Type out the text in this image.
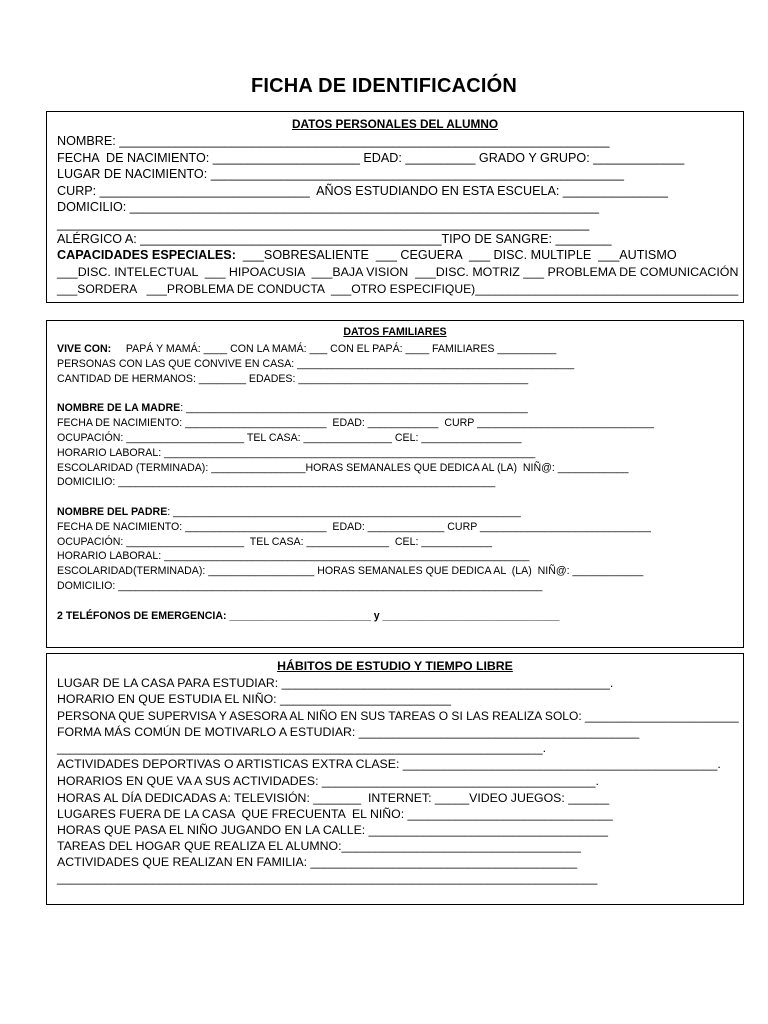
FICHA DE IDENTIFICACIÓN
DATOS PERSONALES DEL ALUMNO
NOMBRE: ______________________________________________________________________
FECHA  DE NACIMIENTO: _____________________ EDAD: __________ GRADO Y GRUPO: _____________
LUGAR DE NACIMIENTO: ___________________________________________________________
CURP: ______________________________  AÑOS ESTUDIANDO EN ESTA ESCUELA: _______________
DOMICILIO: ___________________________________________________________________
____________________________________________________________________________
ALÉRGICO A: ___________________________________________TIPO DE SANGRE: ________
CAPACIDADES ESPECIALES:  ___SOBRESALIENTE  ___ CEGUERA  ___ DISC. MULTIPLE  ___AUTISMO
___DISC. INTELECTUAL  ___ HIPOACUSIA  ___BAJA VISION  ___DISC. MOTRIZ ___ PROBLEMA DE COMUNICACIÓN
___SORDERA   ___PROBLEMA DE CONDUCTA  ___OTRO ESPECIFIQUE)_______________________________________
DATOS FAMILIARES
VIVE CON:     PAPÁ Y MAMÁ: ____ CON LA MAMÁ: ___ CON EL PAPÁ: ____ FAMILIARES __________
PERSONAS CON LAS QUE CONVIVE EN CASA: _______________________________________________
CANTIDAD DE HERMANOS: ________ EDADES: _______________________________________
NOMBRE DE LA MADRE: __________________________________________________________
FECHA DE NACIMIENTO: ________________________  EDAD: ____________  CURP ______________________________
OCUPACIÓN: ____________________ TEL CASA: _______________ CEL: _________________
HORARIO LABORAL: _______________________________________________________________
ESCOLARIDAD (TERMINADA): ________________HORAS SEMANALES QUE DEDICA AL (LA)  NIÑ@: ____________
DOMICILIO: ________________________________________________________________
NOMBRE DEL PADRE: ___________________________________________________________
FECHA DE NACIMIENTO: ________________________  EDAD: _____________ CURP _____________________________
OCUPACIÓN: ____________________  TEL CASA: ______________  CEL: ____________
HORARIO LABORAL: ______________________________________________________________
ESCOLARIDAD(TERMINADA): __________________ HORAS SEMANALES QUE DEDICA AL  (LA)  NIÑ@: ____________
DOMICILIO: ________________________________________________________________________
2 TELÉFONOS DE EMERGENCIA: ________________________ y ______________________________
HÁBITOS DE ESTUDIO Y TIEMPO LIBRE
LUGAR DE LA CASA PARA ESTUDIAR: ________________________________________________.
HORARIO EN QUE ESTUDIA EL NIÑO: _________________________
PERSONA QUE SUPERVISA Y ASESORA AL NIÑO EN SUS TAREAS O SI LAS REALIZA SOLO: _______________________
FORMA MÁS COMÚN DE MOTIVARLO A ESTUDIAR: _________________________________________
_______________________________________________________________________.
ACTIVIDADES DEPORTIVAS O ARTISTICAS EXTRA CLASE: ______________________________________________.
HORARIOS EN QUE VA A SUS ACTIVIDADES: ________________________________________.
HORAS AL DÍA DEDICADAS A: TELEVISIÓN: _______  INTERNET: _____VIDEO JUEGOS: ______
LUGARES FUERA DE LA CASA  QUE FRECUENTA  EL NIÑO: ______________________________
HORAS QUE PASA EL NIÑO JUGANDO EN LA CALLE: ___________________________________
TAREAS DEL HOGAR QUE REALIZA EL ALUMNO:___________________________________
ACTIVIDADES QUE REALIZAN EN FAMILIA: _______________________________________
_______________________________________________________________________________
